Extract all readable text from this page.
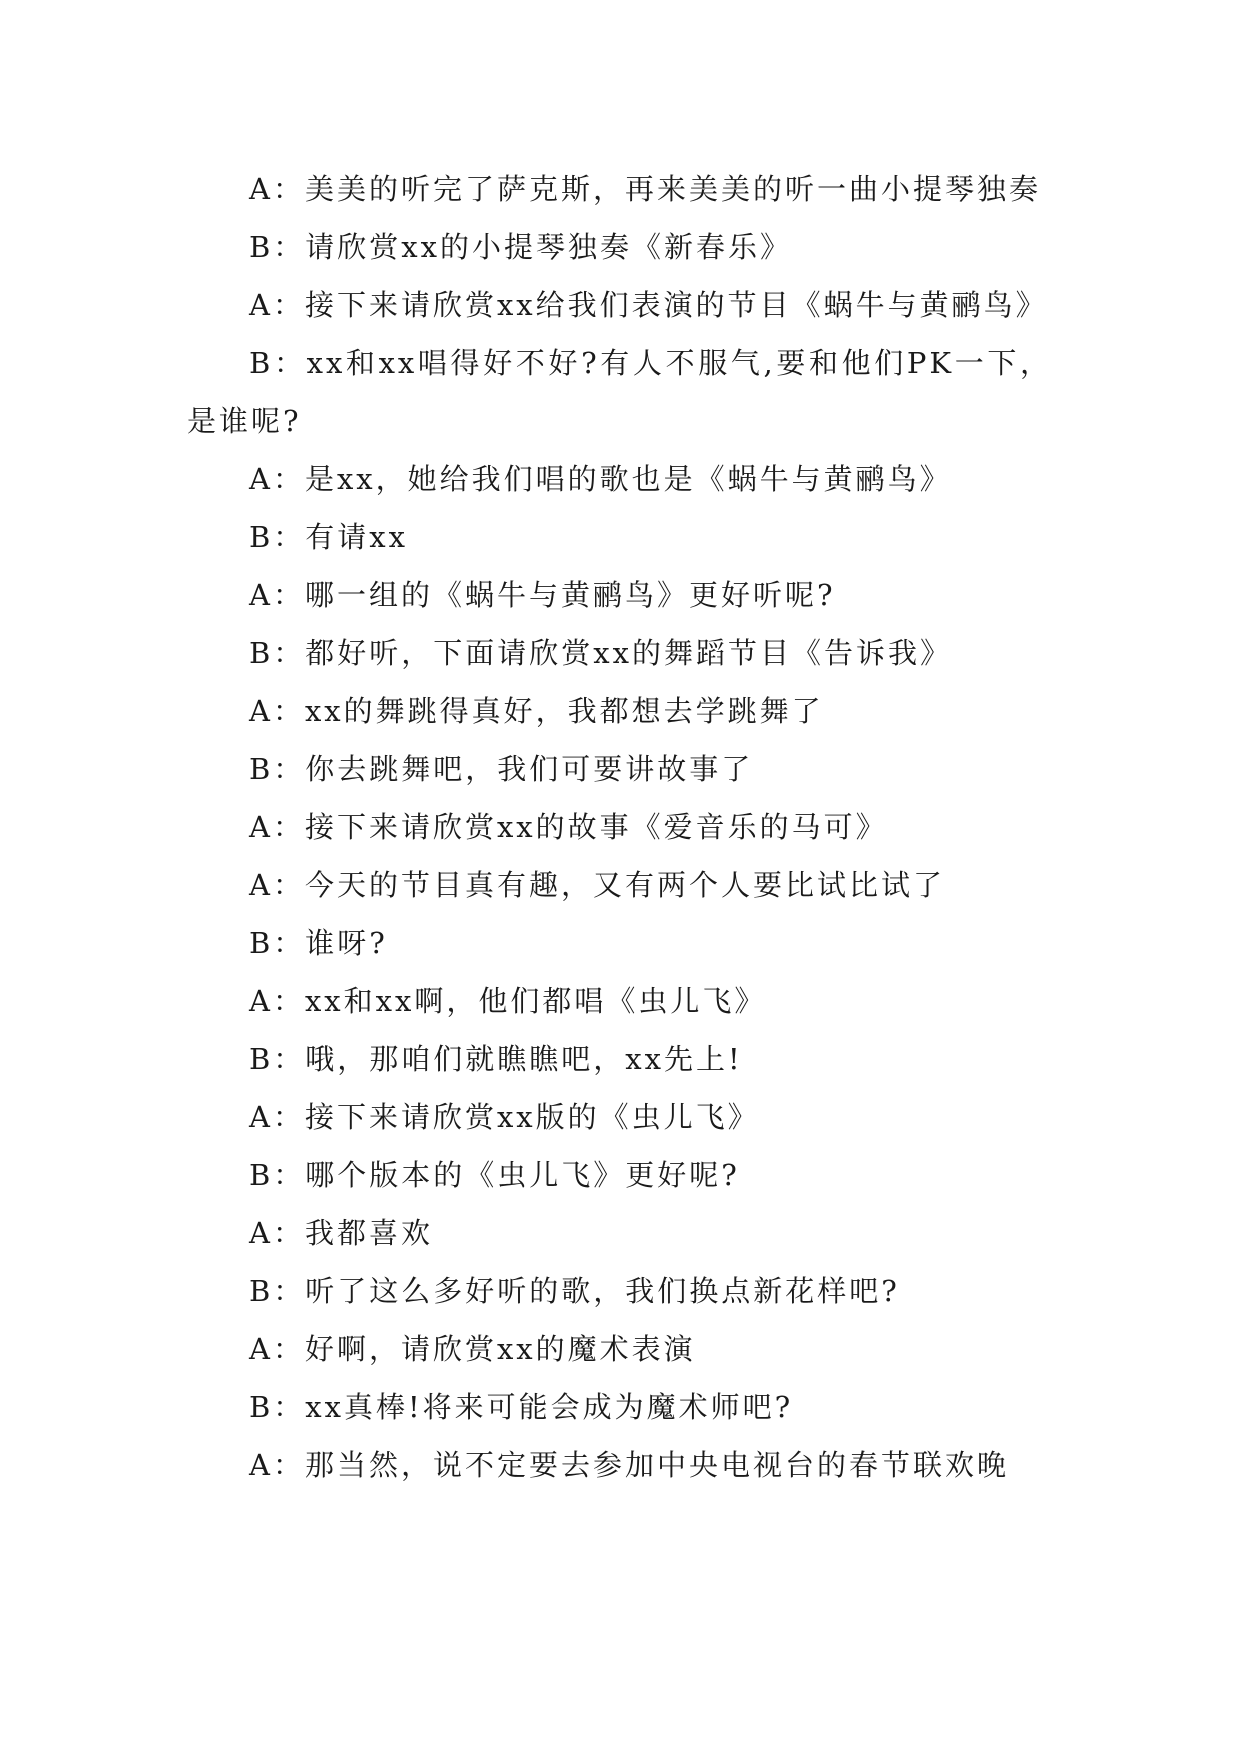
A：美美的听完了萨克斯，再来美美的听一曲小提琴独奏

B：请欣赏xx的小提琴独奏《新春乐》

A：接下来请欣赏xx给我们表演的节目《蜗牛与黄鹂鸟》

B：xx和xx唱得好不好?有人不服气,要和他们PK一下，是谁呢?

A：是xx，她给我们唱的歌也是《蜗牛与黄鹂鸟》

B：有请xx

A：哪一组的《蜗牛与黄鹂鸟》更好听呢?

B：都好听，下面请欣赏xx的舞蹈节目《告诉我》

A：xx的舞跳得真好，我都想去学跳舞了

B：你去跳舞吧，我们可要讲故事了

A：接下来请欣赏xx的故事《爱音乐的马可》

A：今天的节目真有趣，又有两个人要比试比试了

B：谁呀?

A：xx和xx啊，他们都唱《虫儿飞》

B：哦，那咱们就瞧瞧吧，xx先上!

A：接下来请欣赏xx版的《虫儿飞》

B：哪个版本的《虫儿飞》更好呢?

A：我都喜欢

B：听了这么多好听的歌，我们换点新花样吧?

A：好啊，请欣赏xx的魔术表演

B：xx真棒!将来可能会成为魔术师吧?

A：那当然，说不定要去参加中央电视台的春节联欢晚
